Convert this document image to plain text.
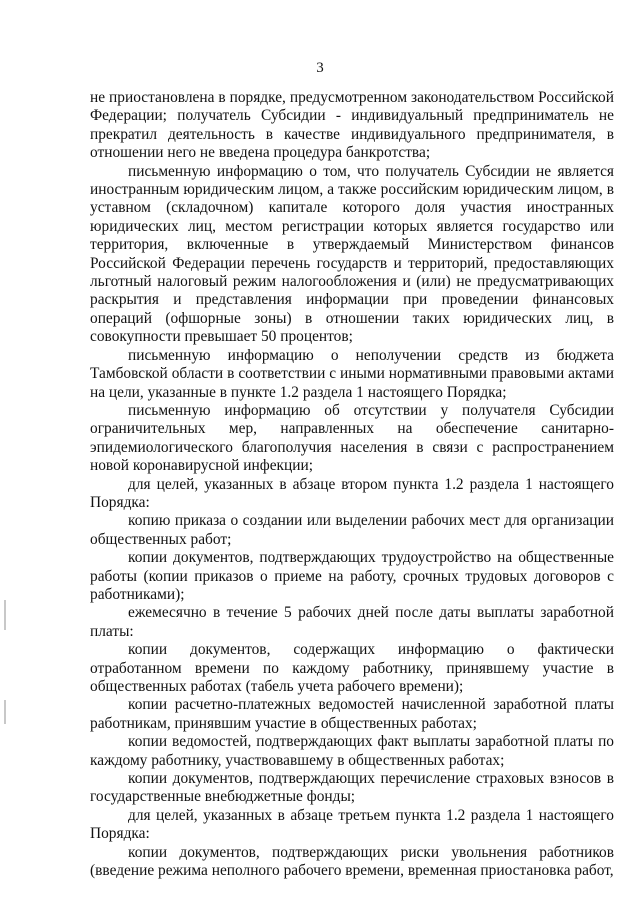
3

не приостановлена в порядке, предусмотренном законодательством Российской Федерации; получатель Субсидии - индивидуальный предприниматель не прекратил деятельность в качестве индивидуального предпринимателя, в отношении него не введена процедура банкротства;

письменную информацию о том, что получатель Субсидии не является иностранным юридическим лицом, а также российским юридическим лицом, в уставном (складочном) капитале которого доля участия иностранных юридических лиц, местом регистрации которых является государство или территория, включенные в утверждаемый Министерством финансов Российской Федерации перечень государств и территорий, предоставляющих льготный налоговый режим налогообложения и (или) не предусматривающих раскрытия и представления информации при проведении финансовых операций (офшорные зоны) в отношении таких юридических лиц, в совокупности превышает 50 процентов;

письменную информацию о неполучении средств из бюджета Тамбовской области в соответствии с иными нормативными правовыми актами на цели, указанные в пункте 1.2 раздела 1 настоящего Порядка;

письменную информацию об отсутствии у получателя Субсидии ограничительных мер, направленных на обеспечение санитарно-эпидемиологического благополучия населения в связи с распространением новой коронавирусной инфекции;

для целей, указанных в абзаце втором пункта 1.2 раздела 1 настоящего Порядка:

копию приказа о создании или выделении рабочих мест для организации общественных работ;

копии документов, подтверждающих трудоустройство на общественные работы (копии приказов о приеме на работу, срочных трудовых договоров с работниками);

ежемесячно в течение 5 рабочих дней после даты выплаты заработной платы:

копии документов, содержащих информацию о фактически отработанном времени по каждому работнику, принявшему участие в общественных работах (табель учета рабочего времени);

копии расчетно-платежных ведомостей начисленной заработной платы работникам, принявшим участие в общественных работах;

копии ведомостей, подтверждающих факт выплаты заработной платы по каждому работнику, участвовавшему в общественных работах;

копии документов, подтверждающих перечисление страховых взносов в государственные внебюджетные фонды;

для целей, указанных в абзаце третьем пункта 1.2 раздела 1 настоящего Порядка:

копии документов, подтверждающих риски увольнения работников (введение режима неполного рабочего времени, временная приостановка работ,
